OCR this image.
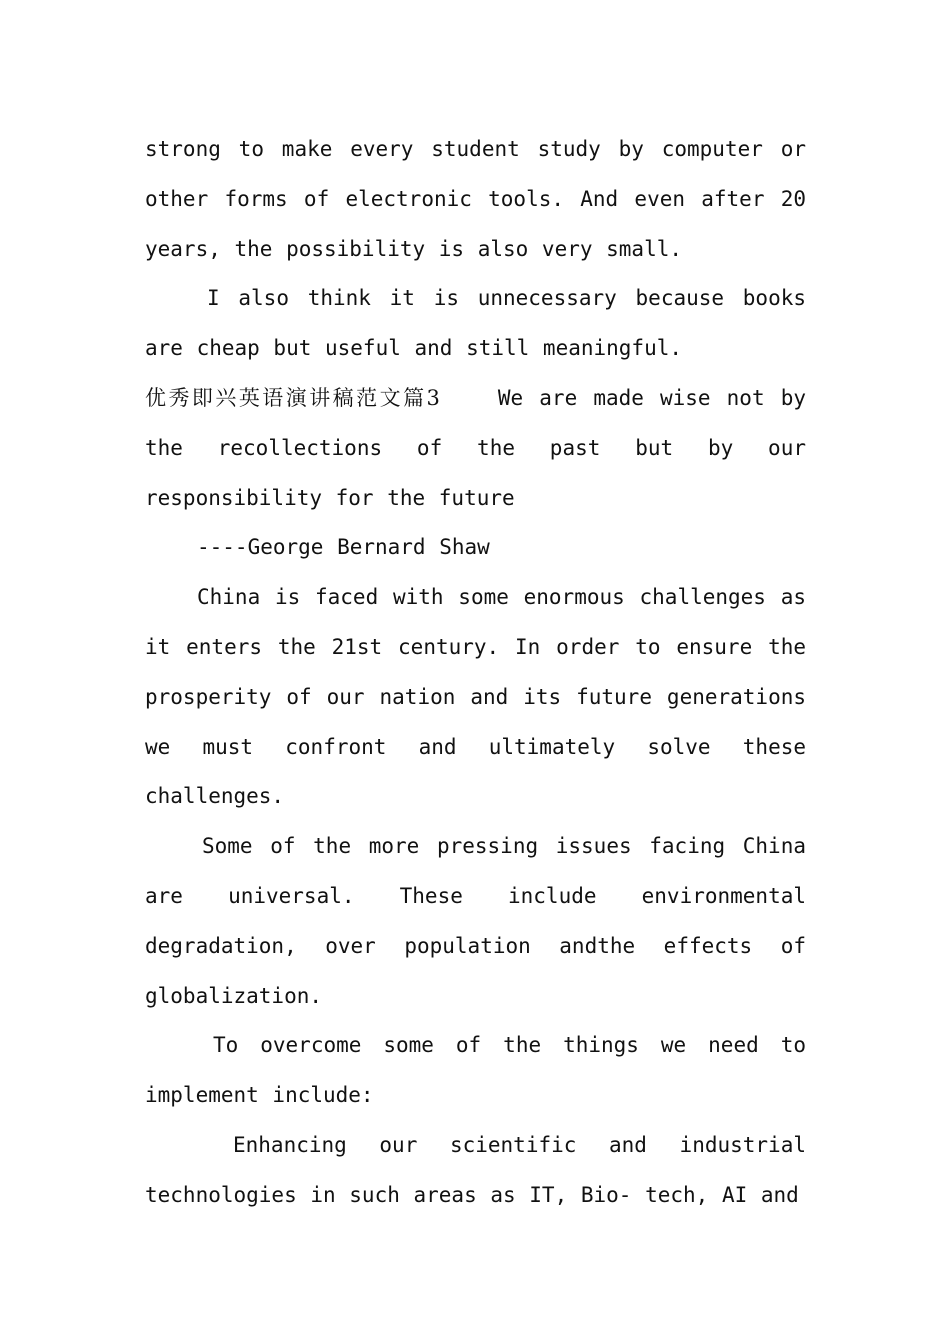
strong to make every student study by computer or other forms of electronic tools. And even after 20 years, the possibility is also very small.

I also think it is unnecessary because books are cheap but useful and still meaningful.

优秀即兴英语演讲稿范文篇3	We are made wise not by the recollections of the past but by our responsibility for the future

----George Bernard Shaw

China is faced with some enormous challenges as it enters the 21st century. In order to ensure the prosperity of our nation and its future generations we must confront and ultimately solve these challenges.

Some of the more pressing issues facing China are universal. These include environmental degradation, over population andthe effects of globalization.

To overcome some of the things we need to implement include:

Enhancing our scientific and industrial technologies in such areas as IT, Bio- tech, AI and
